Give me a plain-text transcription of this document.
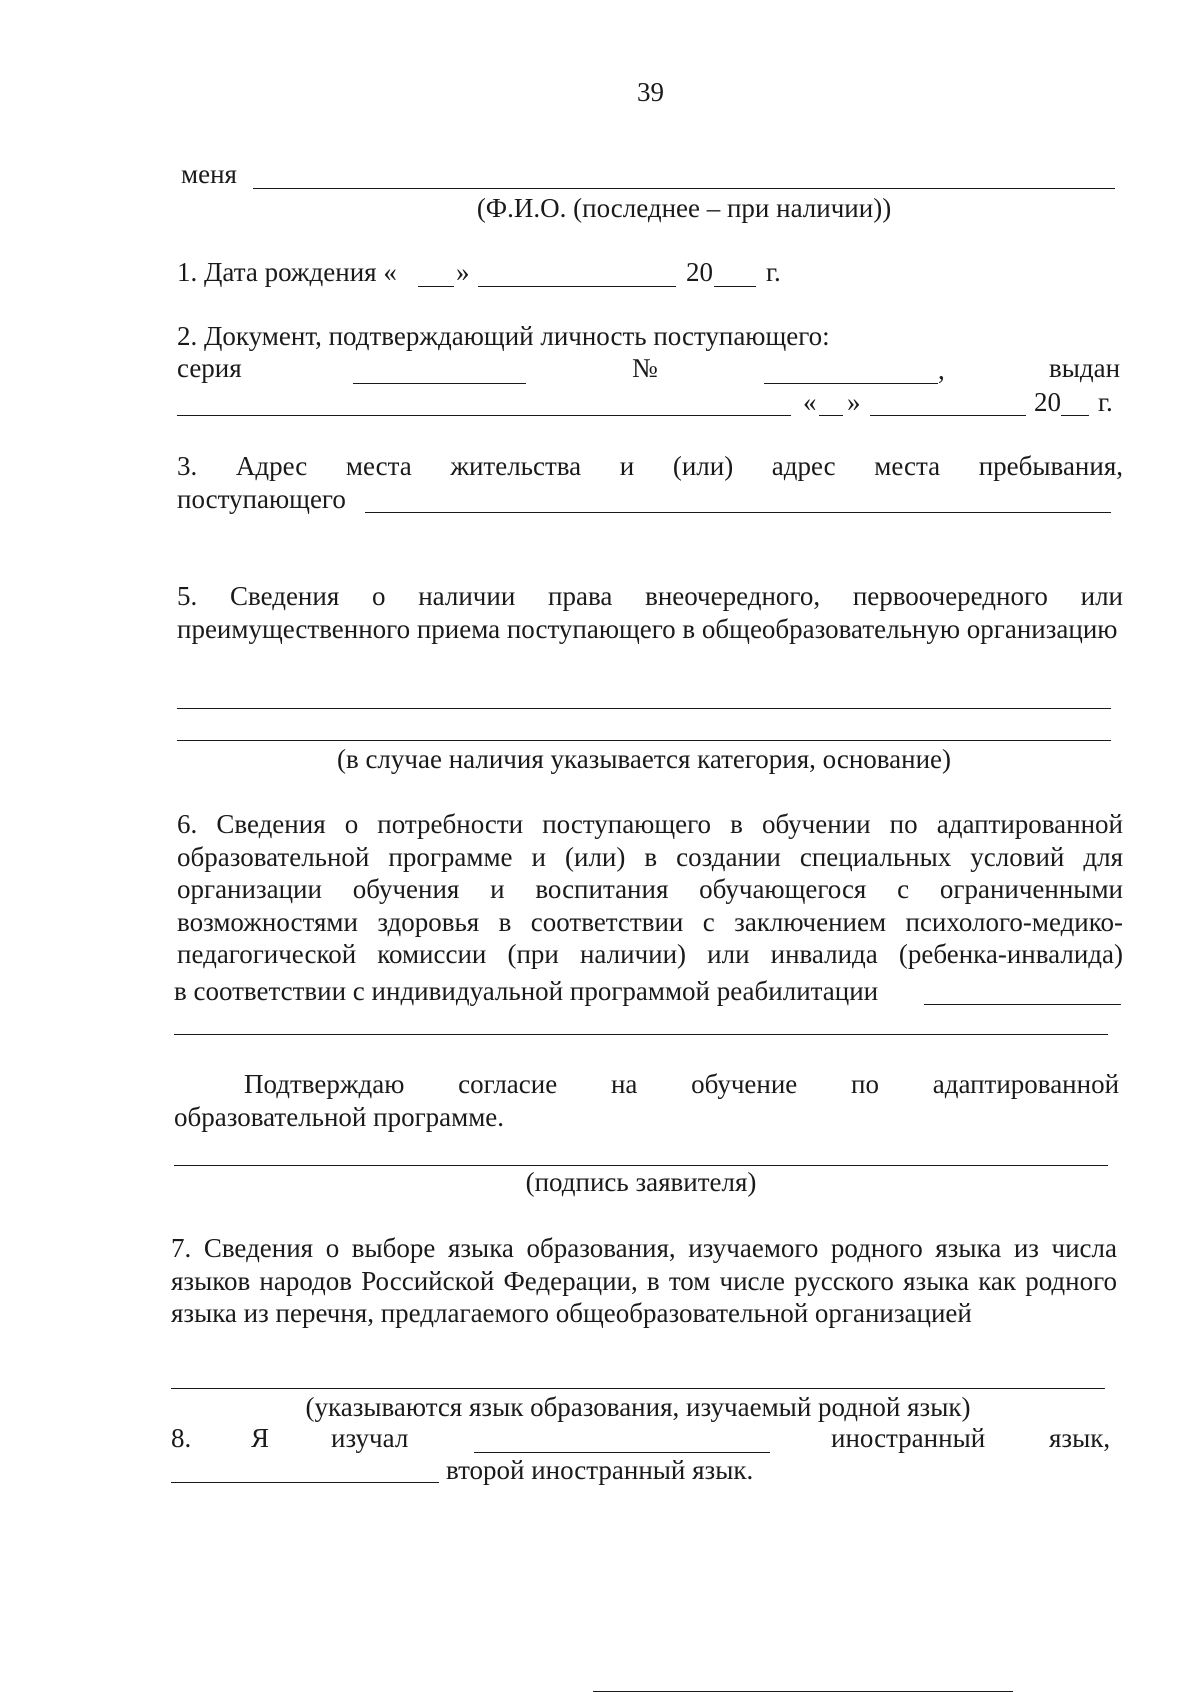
39
меня
(Ф.И.О. (последнее – при наличии))
1. Дата рождения « »	20 г.
2. Документ, подтверждающий личность поступающего:
серия	№	,	выдан
« »	20 г.
3. Адрес места жительства и (или) адрес места пребывания,
поступающего
5. Сведения о наличии права внеочередного, первоочередного или преимущественного приема поступающего в общеобразовательную организацию
(в случае наличия указывается категория, основание)
6. Сведения о потребности поступающего в обучении по адаптированной образовательной программе и (или) в создании специальных условий для организации обучения и воспитания обучающегося с ограниченными возможностями здоровья в соответствии с заключением психолого-медико-педагогической комиссии (при наличии) или инвалида (ребенка-инвалида)
в соответствии с индивидуальной программой реабилитации
Подтверждаю согласие на обучение по адаптированной
образовательной программе.
(подпись заявителя)
7. Сведения о выборе языка образования, изучаемого родного языка из числа языков народов Российской Федерации, в том числе русского языка как родного языка из перечня, предлагаемого общеобразовательной организацией
(указываются язык образования, изучаемый родной язык)
8. Я изучал	иностранный язык,
второй иностранный язык.
